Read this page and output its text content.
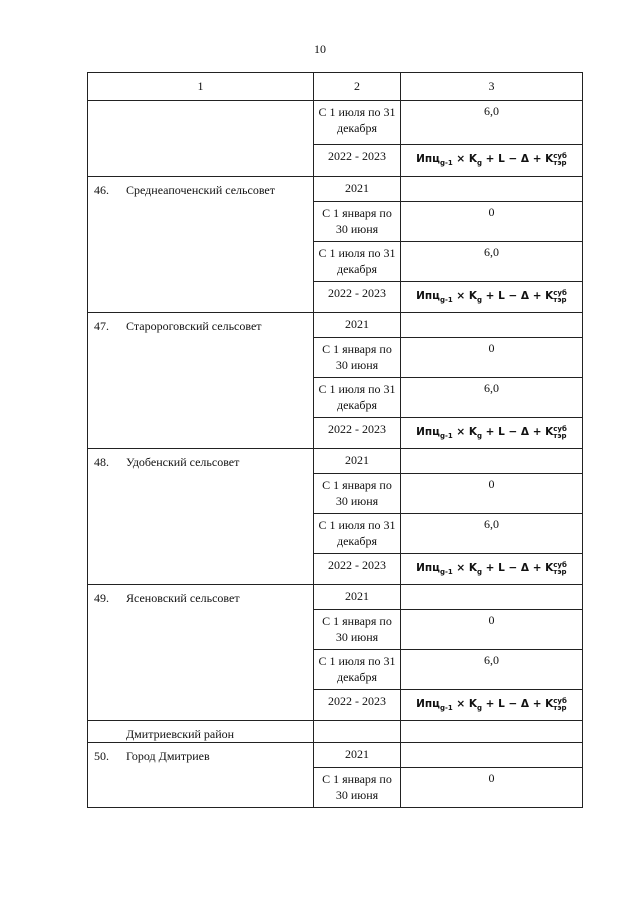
10
1	2	3
	С 1 июля по 31 декабря	6,0
	2022 - 2023	$Ипц_{g-1} \times K_g + L - \Delta$ + Kсуб
тэр
46. Среднеапоченский сельсовет	2021	
	С 1 января по 30 июня	0
	С 1 июля по 31 декабря	6,0
	2022 - 2023	$Ипц_{g-1} \times K_g + L - \Delta$ + Kсуб
тэр
47. Старороговский сельсовет	2021	
	С 1 января по 30 июня	0
	С 1 июля по 31 декабря	6,0
	2022 - 2023	$Ипц_{g-1} \times K_g + L - \Delta$ + Kсуб
тэр
48. Удобенский сельсовет	2021	
	С 1 января по 30 июня	0
	С 1 июля по 31 декабря	6,0
	2022 - 2023	$Ипц_{g-1} \times K_g + L - \Delta$ + Kсуб
тэр
49. Ясеновский сельсовет	2021	
	С 1 января по 30 июня	0
	С 1 июля по 31 декабря	6,0
	2022 - 2023	$Ипц_{g-1} \times K_g + L - \Delta$ + Kсуб
тэр
Дмитриевский район		
50. Город Дмитриев	2021	
	С 1 января по 30 июня	0
